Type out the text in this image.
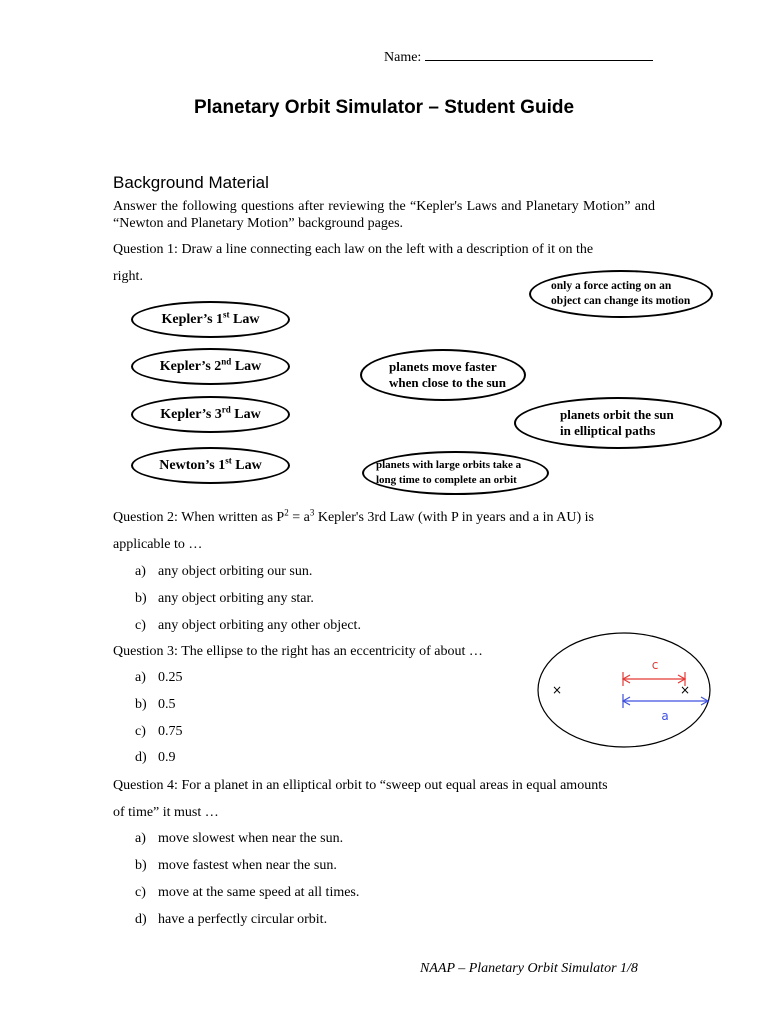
Name:
Planetary Orbit Simulator – Student Guide
Background Material
Answer the following questions after reviewing the “Kepler's Laws and Planetary Motion” and “Newton and Planetary Motion” background pages.
Question 1: Draw a line connecting each law on the left with a description of it on the
right.
Kepler’s 1st Law
Kepler’s 2nd Law
Kepler’s 3rd Law
Newton’s 1st Law
only a force acting on an
object can change its motion
planets move faster
when close to the sun
planets orbit the sun
in elliptical paths
planets with large orbits take a
long time to complete an orbit
Question 2: When written as $P^2 = a^3$ Kepler's 3rd Law (with P in years and a in AU) is
applicable to …
a) any object orbiting our sun.
b) any object orbiting any star.
c) any object orbiting any other object.
Question 3: The ellipse to the right has an eccentricity of about …
a) 0.25
b) 0.5
c) 0.75
d) 0.9
×	×
c
a
Question 4: For a planet in an elliptical orbit to “sweep out equal areas in equal amounts
of time” it must …
a) move slowest when near the sun.
b) move fastest when near the sun.
c) move at the same speed at all times.
d) have a perfectly circular orbit.
NAAP – Planetary Orbit Simulator 1/8
